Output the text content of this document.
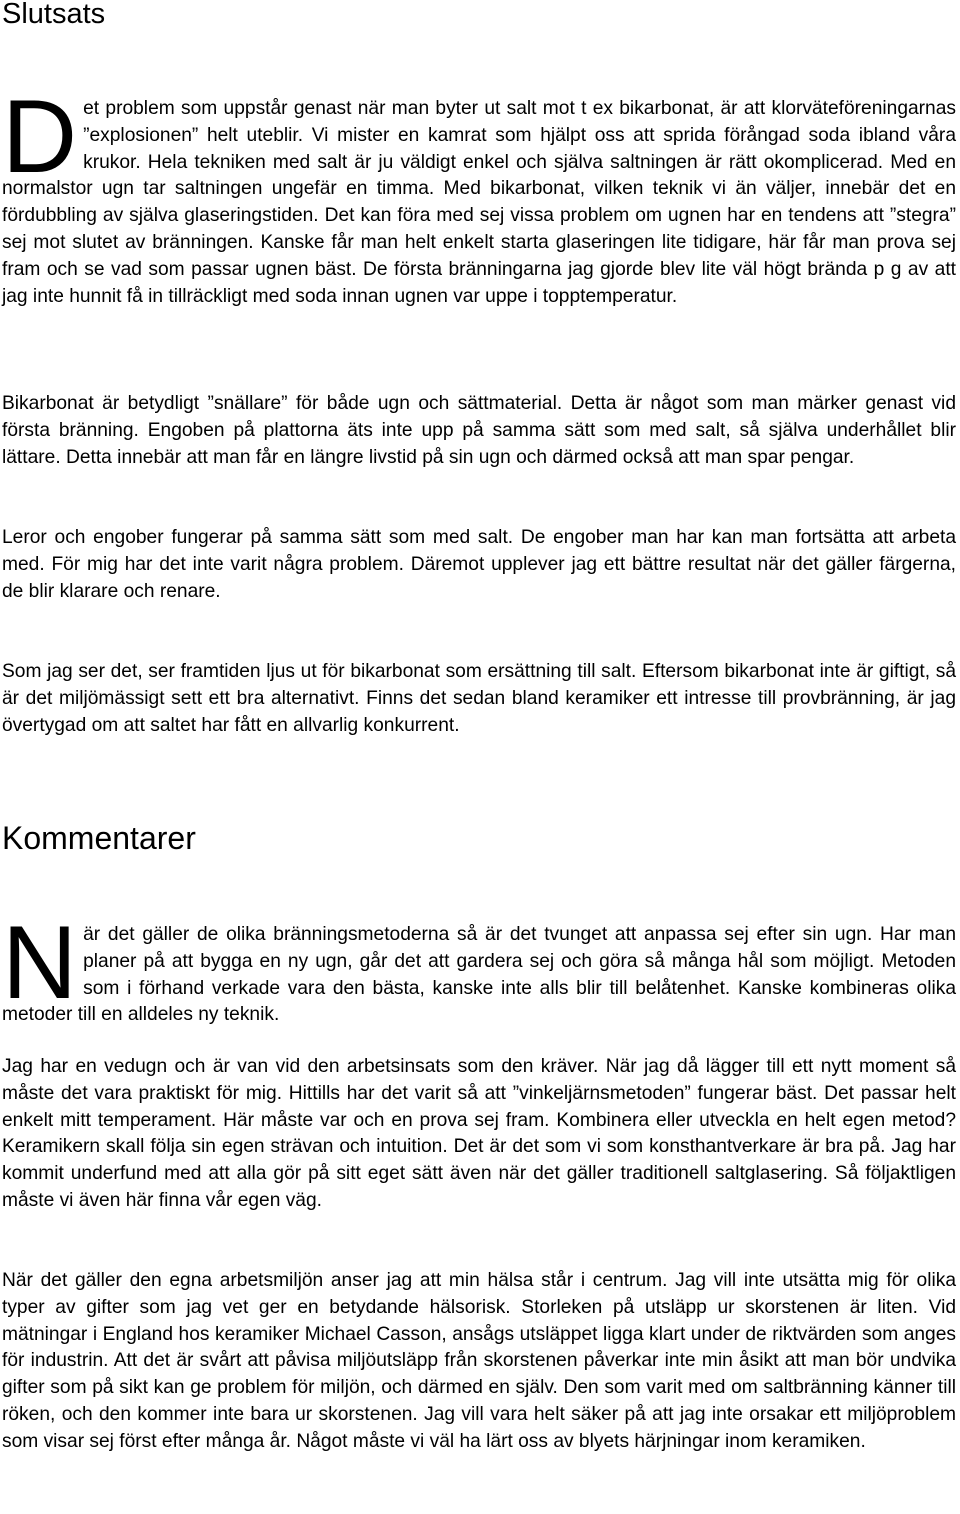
Slutsats

Det problem som uppstår genast när man byter ut salt mot t ex bikarbonat, är att klorväteföreningarnas ”explosionen” helt uteblir. Vi mister en kamrat som hjälpt oss att sprida förångad soda ibland våra krukor. Hela tekniken med salt är ju väldigt enkel och själva saltningen är rätt okomplicerad. Med en normalstor ugn tar saltningen ungefär en timma. Med bikarbonat, vilken teknik vi än väljer, innebär det en fördubbling av själva glaseringstiden. Det kan föra med sej vissa problem om ugnen har en tendens att ”stegra” sej mot slutet av bränningen. Kanske får man helt enkelt starta glaseringen lite tidigare, här får man prova sej fram och se vad som passar ugnen bäst. De första bränningarna jag gjorde blev lite väl högt brända p g av att jag inte hunnit få in tillräckligt med soda innan ugnen var uppe i topptemperatur.

Bikarbonat är betydligt ”snällare” för både ugn och sättmaterial. Detta är något som man märker genast vid första bränning. Engoben på plattorna äts inte upp på samma sätt som med salt, så själva underhållet blir lättare. Detta innebär att man får en längre livstid på sin ugn och därmed också att man spar pengar.

Leror och engober fungerar på samma sätt som med salt. De engober man har kan man fortsätta att arbeta med. För mig har det inte varit några problem. Däremot upplever jag ett bättre resultat när det gäller färgerna, de blir klarare och renare.

Som jag ser det, ser framtiden ljus ut för bikarbonat som ersättning till salt. Eftersom bikarbonat inte är giftigt, så är det miljömässigt sett ett bra alternativt. Finns det sedan bland keramiker ett intresse till provbränning, är jag övertygad om att saltet har fått en allvarlig konkurrent.

Kommentarer

När det gäller de olika bränningsmetoderna så är det tvunget att anpassa sej efter sin ugn. Har man planer på att bygga en ny ugn, går det att gardera sej och göra så många hål som möjligt. Metoden som i förhand verkade vara den bästa, kanske inte alls blir till belåtenhet. Kanske kombineras olika metoder till en alldeles ny teknik.

Jag har en vedugn och är van vid den arbetsinsats som den kräver. När jag då lägger till ett nytt moment så måste det vara praktiskt för mig. Hittills har det varit så att ”vinkeljärnsmetoden” fungerar bäst. Det passar helt enkelt mitt temperament. Här måste var och en prova sej fram. Kombinera eller utveckla en helt egen metod? Keramikern skall följa sin egen strävan och intuition. Det är det som vi som konsthantverkare är bra på. Jag har kommit underfund med att alla gör på sitt eget sätt även när det gäller traditionell saltglasering. Så följaktligen måste vi även här finna vår egen väg.

När det gäller den egna arbetsmiljön anser jag att min hälsa står i centrum. Jag vill inte utsätta mig för olika typer av gifter som jag vet ger en betydande hälsorisk. Storleken på utsläpp ur skorstenen är liten. Vid mätningar i England hos keramiker Michael Casson, ansågs utsläppet ligga klart under de riktvärden som anges för industrin. Att det är svårt att påvisa miljöutsläpp från skorstenen påverkar inte min åsikt att man bör undvika gifter som på sikt kan ge problem för miljön, och därmed en själv. Den som varit med om saltbränning känner till röken, och den kommer inte bara ur skorstenen. Jag vill vara helt säker på att jag inte orsakar ett miljöproblem som visar sej först efter många år. Något måste vi väl ha lärt oss av blyets härjningar inom keramiken.
